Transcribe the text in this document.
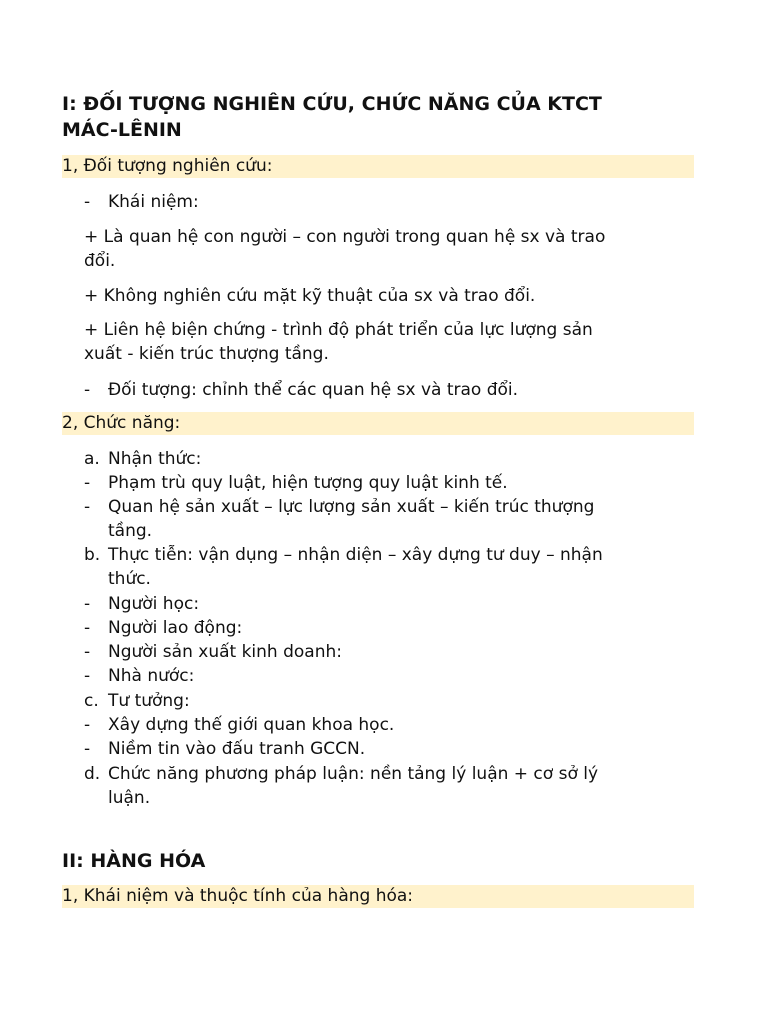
I: ĐỐI TƯỢNG NGHIÊN CỨU, CHỨC NĂNG CỦA KTCT
MÁC-LÊNIN
1, Đối tượng nghiên cứu:
- Khái niệm:
+ Là quan hệ con người – con người trong quan hệ sx và trao
đổi.
+ Không nghiên cứu mặt kỹ thuật của sx và trao đổi.
+ Liên hệ biện chứng - trình độ phát triển của lực lượng sản
xuất - kiến trúc thượng tầng.
- Đối tượng: chỉnh thể các quan hệ sx và trao đổi.
2, Chức năng:
a. Nhận thức:
- Phạm trù quy luật, hiện tượng quy luật kinh tế.
- Quan hệ sản xuất – lực lượng sản xuất – kiến trúc thượng
tầng.
b. Thực tiễn: vận dụng – nhận diện – xây dựng tư duy – nhận
thức.
- Người học:
- Người lao động:
- Người sản xuất kinh doanh:
- Nhà nước:
c. Tư tưởng:
- Xây dựng thế giới quan khoa học.
- Niềm tin vào đấu tranh GCCN.
d. Chức năng phương pháp luận: nền tảng lý luận + cơ sở lý
luận.
II: HÀNG HÓA
1, Khái niệm và thuộc tính của hàng hóa:
